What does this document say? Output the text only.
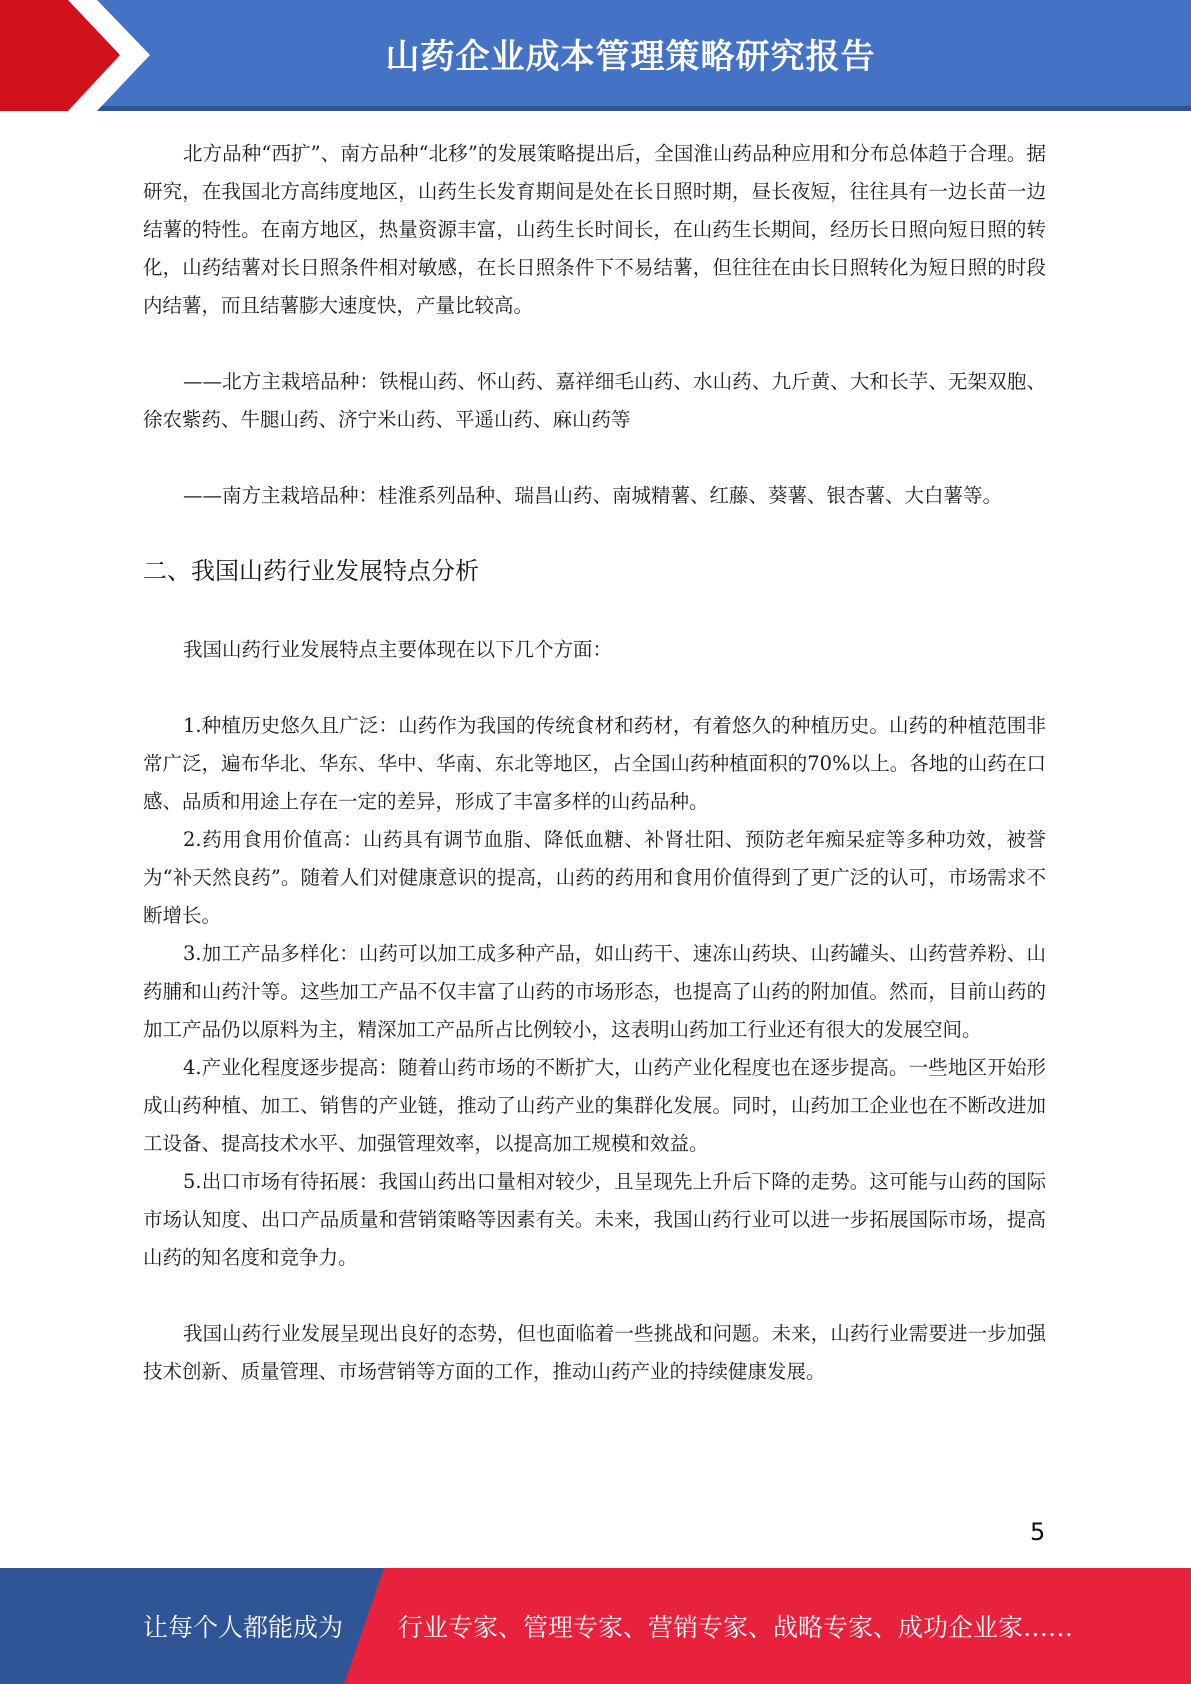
山药企业成本管理策略研究报告

北方品种“西扩”、南方品种“北移”的发展策略提出后，全国淮山药品种应用和分布总体趋于合理。据研究，在我国北方高纬度地区，山药生长发育期间是处在长日照时期，昼长夜短，往往具有一边长苗一边结薯的特性。在南方地区，热量资源丰富，山药生长时间长，在山药生长期间，经历长日照向短日照的转化，山药结薯对长日照条件相对敏感，在长日照条件下不易结薯，但往往在由长日照转化为短日照的时段内结薯，而且结薯膨大速度快，产量比较高。

——北方主栽培品种：铁棍山药、怀山药、嘉祥细毛山药、水山药、九斤黄、大和长芋、无架双胞、徐农紫药、牛腿山药、济宁米山药、平遥山药、麻山药等

——南方主栽培品种：桂淮系列品种、瑞昌山药、南城精薯、红藤、葵薯、银杏薯、大白薯等。

二、我国山药行业发展特点分析

我国山药行业发展特点主要体现在以下几个方面：

1.种植历史悠久且广泛：山药作为我国的传统食材和药材，有着悠久的种植历史。山药的种植范围非常广泛，遍布华北、华东、华中、华南、东北等地区，占全国山药种植面积的70%以上。各地的山药在口感、品质和用途上存在一定的差异，形成了丰富多样的山药品种。

2.药用食用价值高：山药具有调节血脂、降低血糖、补肾壮阳、预防老年痴呆症等多种功效，被誉为“补天然良药”。随着人们对健康意识的提高，山药的药用和食用价值得到了更广泛的认可，市场需求不断增长。

3.加工产品多样化：山药可以加工成多种产品，如山药干、速冻山药块、山药罐头、山药营养粉、山药脯和山药汁等。这些加工产品不仅丰富了山药的市场形态，也提高了山药的附加值。然而，目前山药的加工产品仍以原料为主，精深加工产品所占比例较小，这表明山药加工行业还有很大的发展空间。

4.产业化程度逐步提高：随着山药市场的不断扩大，山药产业化程度也在逐步提高。一些地区开始形成山药种植、加工、销售的产业链，推动了山药产业的集群化发展。同时，山药加工企业也在不断改进加工设备、提高技术水平、加强管理效率，以提高加工规模和效益。

5.出口市场有待拓展：我国山药出口量相对较少，且呈现先上升后下降的走势。这可能与山药的国际市场认知度、出口产品质量和营销策略等因素有关。未来，我国山药行业可以进一步拓展国际市场，提高山药的知名度和竞争力。

我国山药行业发展呈现出良好的态势，但也面临着一些挑战和问题。未来，山药行业需要进一步加强技术创新、质量管理、市场营销等方面的工作，推动山药产业的持续健康发展。

5
让每个人都能成为 行业专家、管理专家、营销专家、战略专家、成功企业家……
